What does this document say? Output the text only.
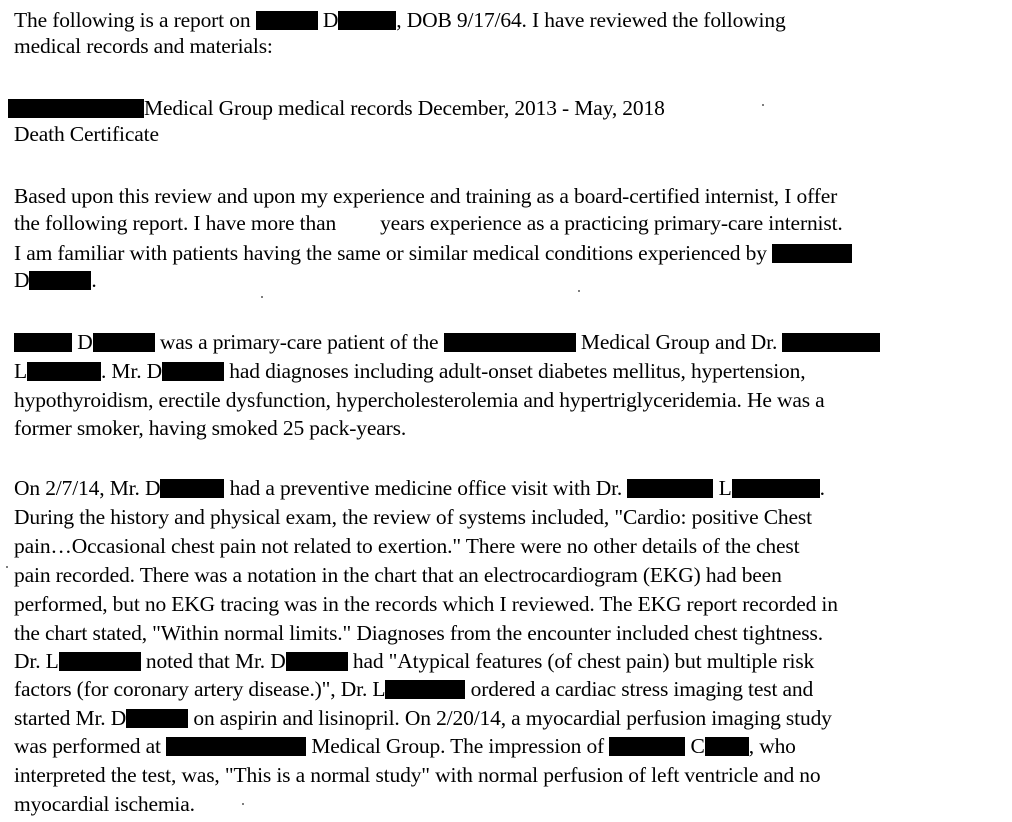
The following is a report on	D	, DOB 9/17/64. I have reviewed the following
medical records and materials:
Medical Group medical records December, 2013 - May, 2018
Death Certificate
Based upon this review and upon my experience and training as a board-certified internist, I offer
the following report. I have more than years experience as a practicing primary-care internist.
I am familiar with patients having the same or similar medical conditions experienced by
D	.
D	was a primary-care patient of the	Medical Group and Dr.
L	. Mr. D	had diagnoses including adult-onset diabetes mellitus, hypertension,
hypothyroidism, erectile dysfunction, hypercholesterolemia and hypertriglyceridemia. He was a
former smoker, having smoked 25 pack-years.
On 2/7/14, Mr. D	had a preventive medicine office visit with Dr.	L	.
During the history and physical exam, the review of systems included, "Cardio: positive Chest
pain…Occasional chest pain not related to exertion." There were no other details of the chest
pain recorded. There was a notation in the chart that an electrocardiogram (EKG) had been
performed, but no EKG tracing was in the records which I reviewed. The EKG report recorded in
the chart stated, "Within normal limits." Diagnoses from the encounter included chest tightness.
Dr. L	noted that Mr. D	had "Atypical features (of chest pain) but multiple risk
factors (for coronary artery disease.)", Dr. L	ordered a cardiac stress imaging test and
started Mr. D	on aspirin and lisinopril. On 2/20/14, a myocardial perfusion imaging study
was performed at	Medical Group. The impression of	C , who
interpreted the test, was, "This is a normal study" with normal perfusion of left ventricle and no
myocardial ischemia.
